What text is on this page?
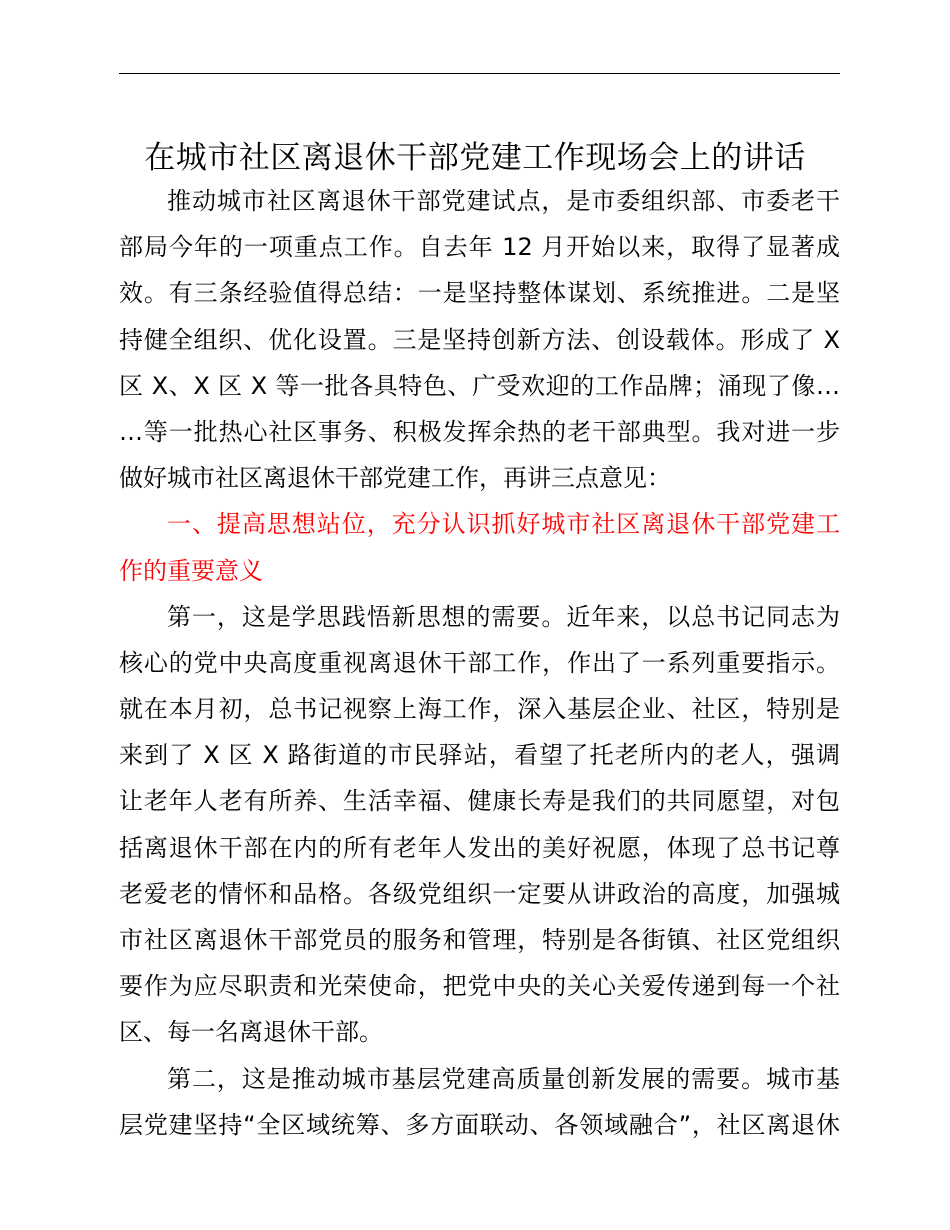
在城市社区离退休干部党建工作现场会上的讲话
推动城市社区离退休干部党建试点，是市委组织部、市委老干
部局今年的一项重点工作。自去年 12 月开始以来，取得了显著成
效。有三条经验值得总结：一是坚持整体谋划、系统推进。二是坚
持健全组织、优化设置。三是坚持创新方法、创设载体。形成了 X
区 X、X 区 X 等一批各具特色、广受欢迎的工作品牌；涌现了像…
…等一批热心社区事务、积极发挥余热的老干部典型。我对进一步
做好城市社区离退休干部党建工作，再讲三点意见：
一、提高思想站位，充分认识抓好城市社区离退休干部党建工
作的重要意义
第一，这是学思践悟新思想的需要。近年来，以总书记同志为
核心的党中央高度重视离退休干部工作，作出了一系列重要指示。
就在本月初，总书记视察上海工作，深入基层企业、社区，特别是
来到了 X 区 X 路街道的市民驿站，看望了托老所内的老人，强调
让老年人老有所养、生活幸福、健康长寿是我们的共同愿望，对包
括离退休干部在内的所有老年人发出的美好祝愿，体现了总书记尊
老爱老的情怀和品格。各级党组织一定要从讲政治的高度，加强城
市社区离退休干部党员的服务和管理，特别是各街镇、社区党组织
要作为应尽职责和光荣使命，把党中央的关心关爱传递到每一个社
区、每一名离退休干部。
第二，这是推动城市基层党建高质量创新发展的需要。城市基
层党建坚持“全区域统筹、多方面联动、各领域融合”，社区离退休
